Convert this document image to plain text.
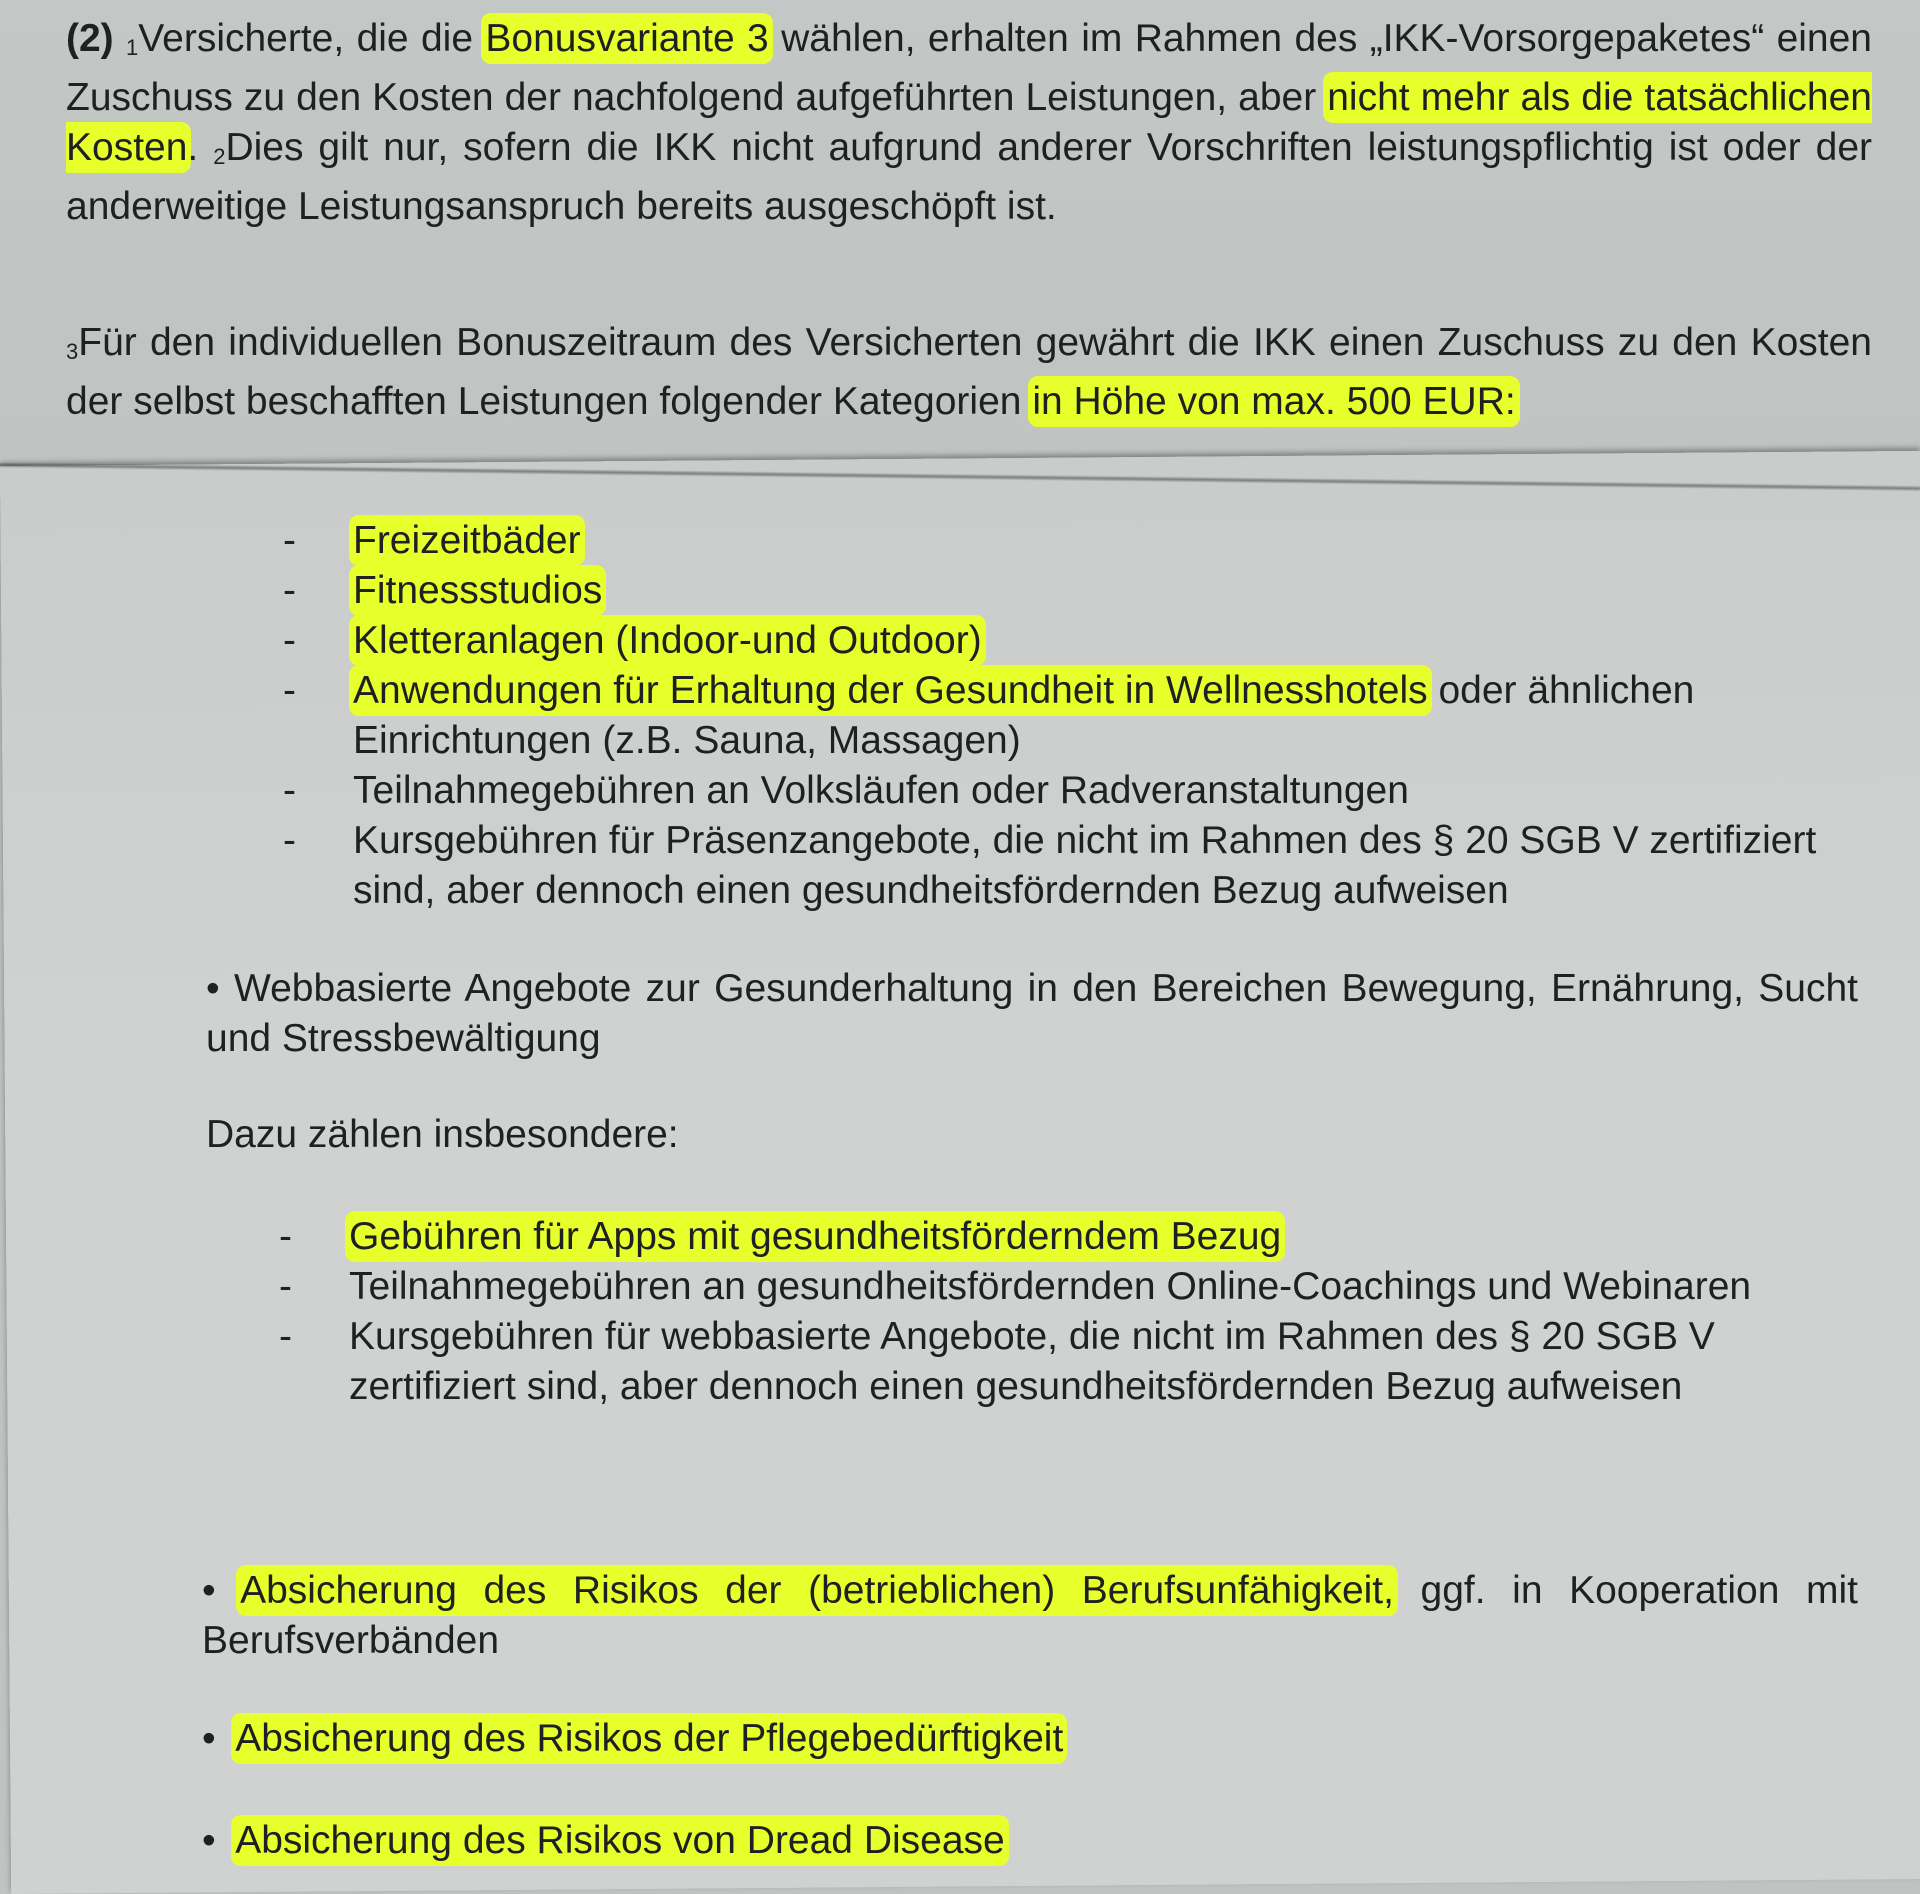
(2) 1Versicherte, die die Bonusvariante 3 wählen, erhalten im Rahmen des „IKK-Vorsorgepaketes“ einen Zuschuss zu den Kosten der nachfolgend aufgeführten Leistungen, aber nicht mehr als die tatsächlichen Kosten. 2Dies gilt nur, sofern die IKK nicht aufgrund anderer Vorschriften leistungspflichtig ist oder der anderweitige Leistungsanspruch bereits ausgeschöpft ist.

3Für den individuellen Bonuszeitraum des Versicherten gewährt die IKK einen Zuschuss zu den Kosten der selbst beschafften Leistungen folgender Kategorien in Höhe von max. 500 EUR:

- Freizeitbäder
- Fitnessstudios
- Kletteranlagen (Indoor-und Outdoor)
- Anwendungen für Erhaltung der Gesundheit in Wellnesshotels oder ähnlichen Einrichtungen (z.B. Sauna, Massagen)
- Teilnahmegebühren an Volksläufen oder Radveranstaltungen
- Kursgebühren für Präsenzangebote, die nicht im Rahmen des § 20 SGB V zertifiziert sind, aber dennoch einen gesundheitsfördernden Bezug aufweisen

• Webbasierte Angebote zur Gesunderhaltung in den Bereichen Bewegung, Ernährung, Sucht und Stressbewältigung

Dazu zählen insbesondere:

- Gebühren für Apps mit gesundheitsförderndem Bezug
- Teilnahmegebühren an gesundheitsfördernden Online-Coachings und Webinaren
- Kursgebühren für webbasierte Angebote, die nicht im Rahmen des § 20 SGB V zertifiziert sind, aber dennoch einen gesundheitsfördernden Bezug aufweisen

• Absicherung des Risikos der (betrieblichen) Berufsunfähigkeit, ggf. in Kooperation mit Berufsverbänden

• Absicherung des Risikos der Pflegebedürftigkeit

• Absicherung des Risikos von Dread Disease
